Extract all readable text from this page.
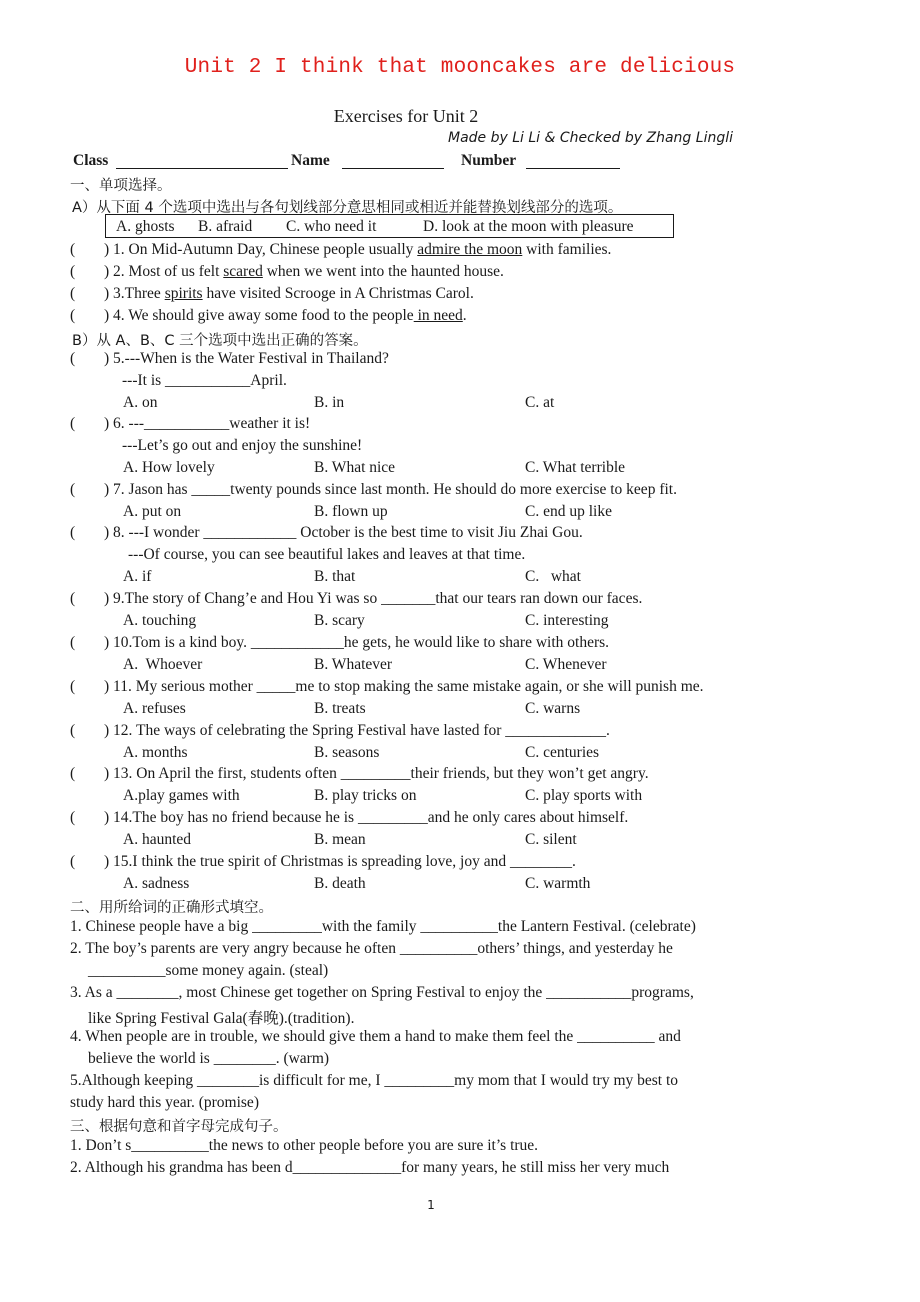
Unit 2 I think that mooncakes are delicious
Exercises for Unit 2
Made by Li Li & Checked by Zhang Lingli
Class	Name	Number
一、单项选择。
A）从下面 4 个选项中选出与各句划线部分意思相同或相近并能替换划线部分的选项。
A. ghosts B. afraid C. who need it	D. look at the moon with pleasure
( ) 1. On Mid-Autumn Day, Chinese people usually admire the moon with families.
( ) 2. Most of us felt scared when we went into the haunted house.
( ) 3.Three spirits have visited Scrooge in A Christmas Carol.
( ) 4. We should give away some food to the people in need.
B）从 A、B、C 三个选项中选出正确的答案。
( ) 5.---When is the Water Festival in Thailand?
---It is ___________April.
A. on	B. in	C. at
( ) 6. ---___________weather it is!
---Let’s go out and enjoy the sunshine!
A. How lovely	B. What nice	C. What terrible
( ) 7. Jason has _____twenty pounds since last month. He should do more exercise to keep fit.
A. put on	B. flown up	C. end up like
( ) 8. ---I wonder ____________ October is the best time to visit Jiu Zhai Gou.
---Of course, you can see beautiful lakes and leaves at that time.
A. if	B. that	C.   what
( ) 9.The story of Chang’e and Hou Yi was so _______that our tears ran down our faces.
A. touching	B. scary	C. interesting
( ) 10.Tom is a kind boy. ____________he gets, he would like to share with others.
A.  Whoever	B. Whatever	C. Whenever
( ) 11. My serious mother _____me to stop making the same mistake again, or she will punish me.
A. refuses	B. treats	C. warns
( ) 12. The ways of celebrating the Spring Festival have lasted for _____________.
A. months	B. seasons	C. centuries
( ) 13. On April the first, students often _________their friends, but they won’t get angry.
A.play games with	B. play tricks on	C. play sports with
( ) 14.The boy has no friend because he is _________and he only cares about himself.
A. haunted	B. mean	C. silent
( ) 15.I think the true spirit of Christmas is spreading love, joy and ________.
A. sadness	B. death	C. warmth
二、用所给词的正确形式填空。
1. Chinese people have a big _________with the family __________the Lantern Festival. (celebrate)
2. The boy’s parents are very angry because he often __________others’ things, and yesterday he
__________some money again. (steal)
3. As a ________, most Chinese get together on Spring Festival to enjoy the ___________programs,
like Spring Festival Gala(春晚).(tradition).
4. When people are in trouble, we should give them a hand to make them feel the __________ and
believe the world is ________. (warm)
5.Although keeping ________is difficult for me, I _________my mom that I would try my best to
study hard this year. (promise)
三、根据句意和首字母完成句子。
1. Don’t s__________the news to other people before you are sure it’s true.
2. Although his grandma has been d______________for many years, he still miss her very much
1
